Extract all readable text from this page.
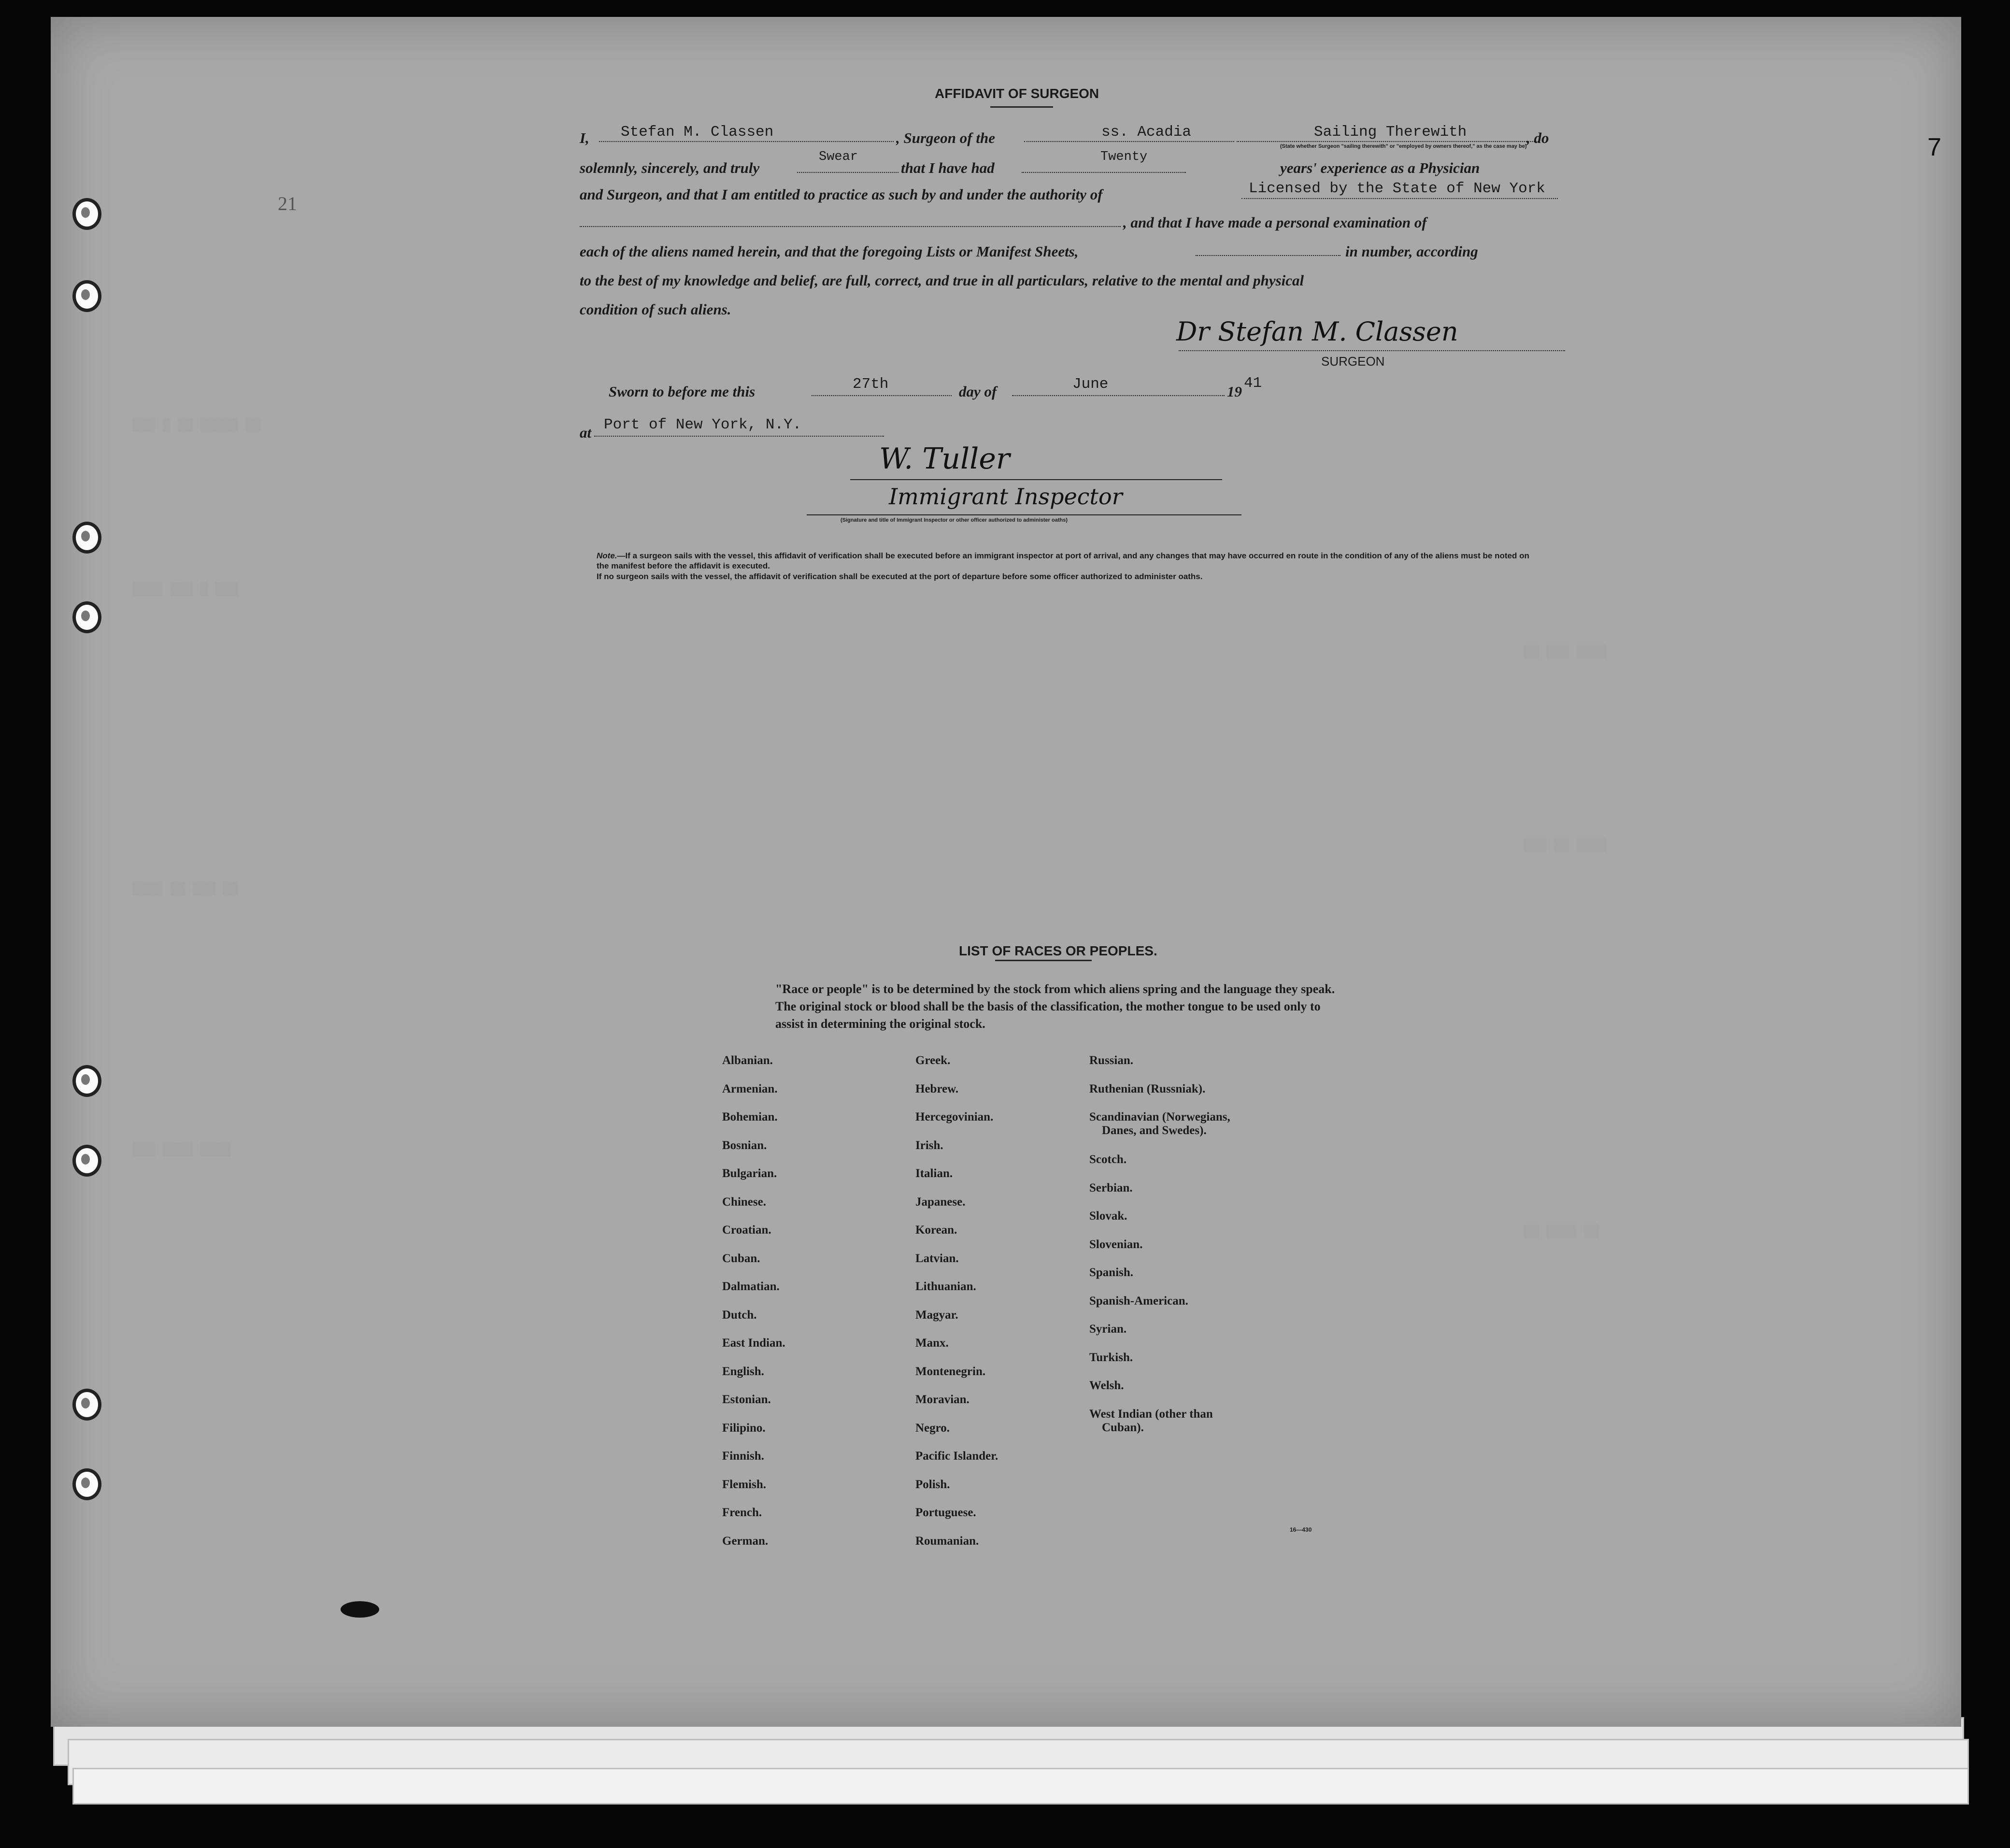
7
21
░░░ ░ ░░ ░░░░░ ░░
░░░░ ░░░ ░ ░░░
░░░░ ░░ ░░░ ░░
░░░ ░░░░ ░░░░
░░ ░░░ ░░░░
░░░ ░░ ░░░░
░░ ░░░░ ░░
AFFIDAVIT OF SURGEON
I, Stefan M. Classen	, Surgeon of the	ss. Acadia	Sailing Therewith	, do
(State whether Surgeon "sailing therewith" or "employed by owners thereof," as the case may be)
solemnly, sincerely, and truly
Swear
that I have had
Twenty
years' experience as a Physician
and Surgeon, and that I am entitled to practice as such by and under the authority of	Licensed by the State of New York
, and that I have made a personal examination of
each of the aliens named herein, and that the foregoing Lists or Manifest Sheets,	in number, according
to the best of my knowledge and belief, are full, correct, and true in all particulars, relative to the mental and physical
condition of such aliens.
Dr Stefan M. Classen
SURGEON
Sworn to before me this	27th	day of	June	19 41
at Port of New York, N.Y.
W. Tuller
Immigrant Inspector
(Signature and title of Immigrant Inspector or other officer authorized to administer oaths)
Note.—If a surgeon sails with the vessel, this affidavit of verification shall be executed before an immigrant inspector at port of arrival, and any changes that may have occurred en route in the condition of any of the aliens must be noted on the manifest before the affidavit is executed.
If no surgeon sails with the vessel, the affidavit of verification shall be executed at the port of departure before some officer authorized to administer oaths.
LIST OF RACES OR PEOPLES.
"Race or people" is to be determined by the stock from which aliens spring and the language they speak. The original stock or blood shall be the basis of the classification, the mother tongue to be used only to assist in determining the original stock.
Albanian.
Armenian.
Bohemian.
Bosnian.
Bulgarian.
Chinese.
Croatian.
Cuban.
Dalmatian.
Dutch.
East Indian.
English.
Estonian.
Filipino.
Finnish.
Flemish.
French.
German.
Greek.
Hebrew.
Hercegovinian.
Irish.
Italian.
Japanese.
Korean.
Latvian.
Lithuanian.
Magyar.
Manx.
Montenegrin.
Moravian.
Negro.
Pacific Islander.
Polish.
Portuguese.
Roumanian.
Russian.
Ruthenian (Russniak).
Scandinavian (Norwegians,
Danes, and Swedes).
Scotch.
Serbian.
Slovak.
Slovenian.
Spanish.
Spanish-American.
Syrian.
Turkish.
Welsh.
West Indian (other than
Cuban).
16—430
